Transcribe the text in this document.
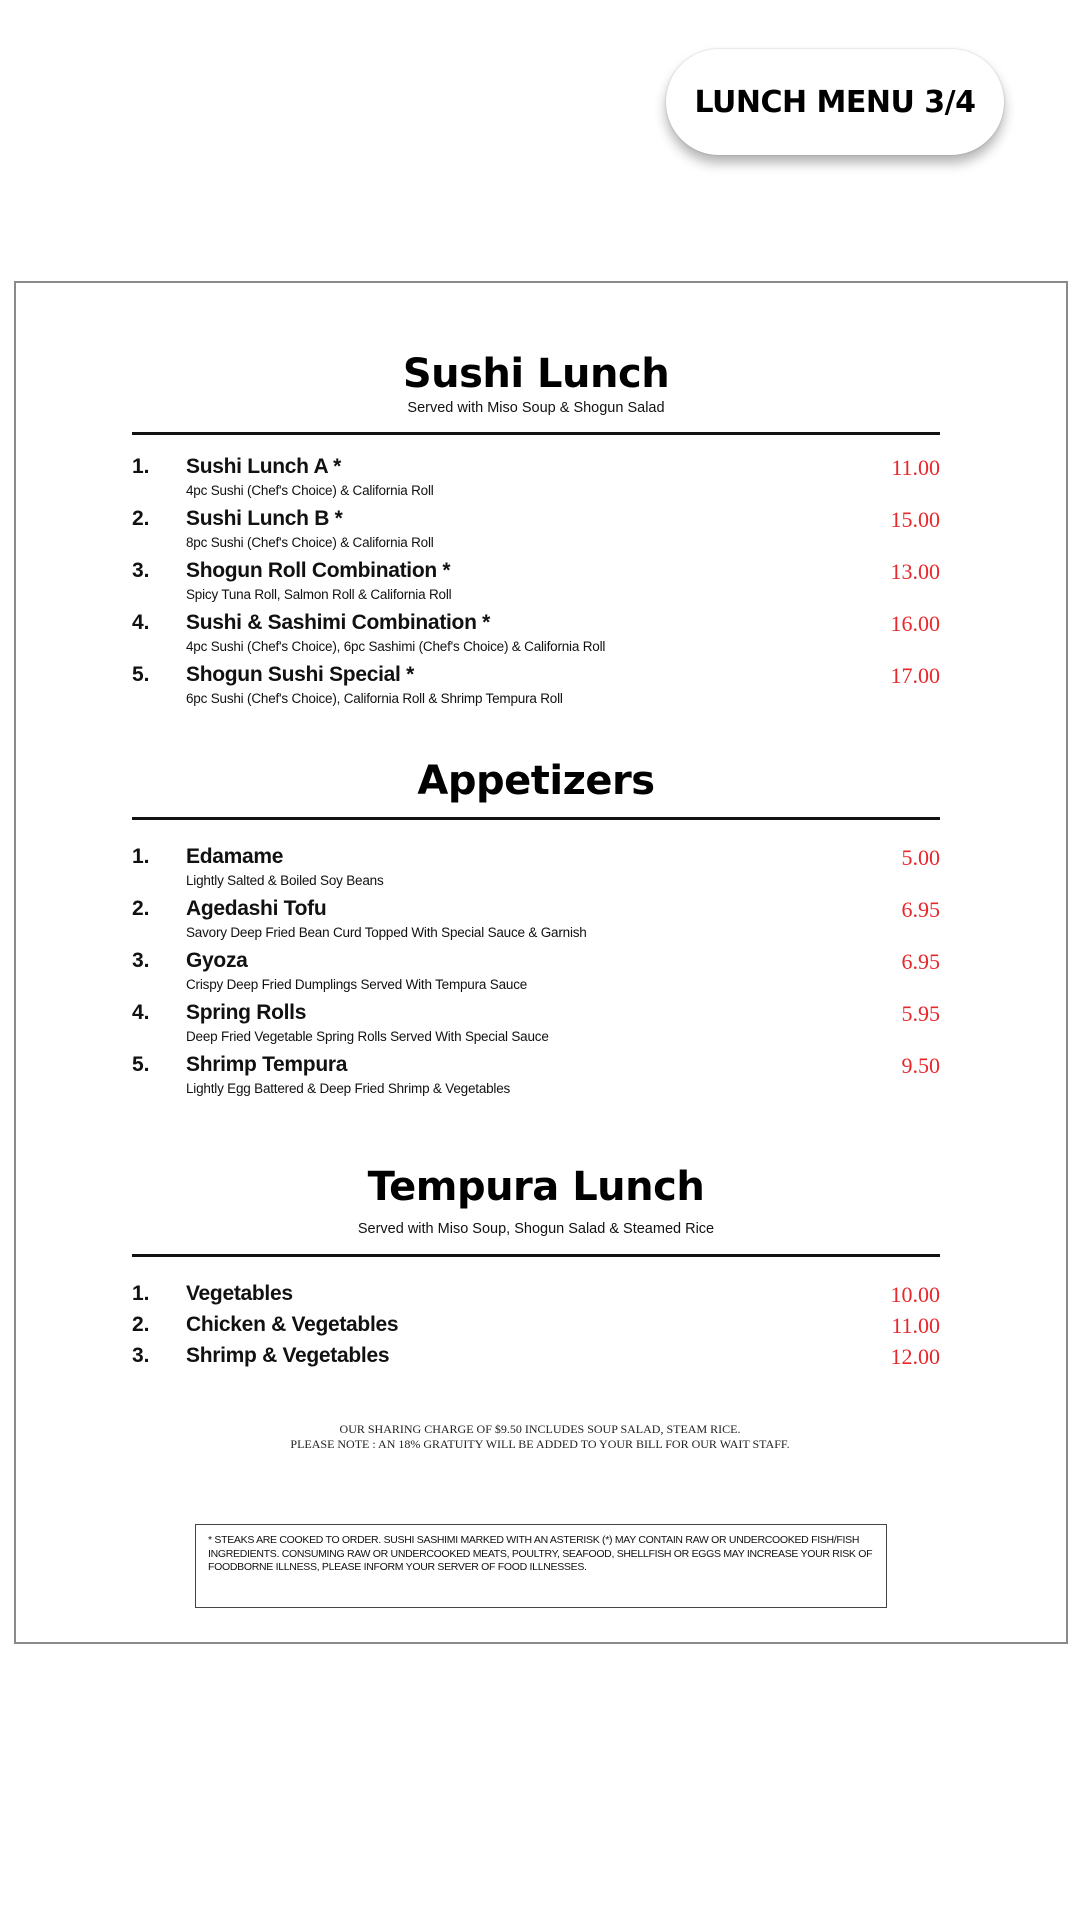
LUNCH MENU 3/4
Sushi Lunch
Served with Miso Soup & Shogun Salad
1. Sushi Lunch A *
4pc Sushi (Chef's Choice) & California Roll
11.00
2. Sushi Lunch B *
8pc Sushi (Chef's Choice) & California Roll
15.00
3. Shogun Roll Combination *
Spicy Tuna Roll, Salmon Roll & California Roll
13.00
4. Sushi & Sashimi Combination *
4pc Sushi (Chef's Choice), 6pc Sashimi (Chef's Choice) & California Roll
16.00
5. Shogun Sushi Special *
6pc Sushi (Chef's Choice), California Roll & Shrimp Tempura Roll
17.00
Appetizers
1. Edamame
Lightly Salted & Boiled Soy Beans
5.00
2. Agedashi Tofu
Savory Deep Fried Bean Curd Topped With Special Sauce & Garnish
6.95
3. Gyoza
Crispy Deep Fried Dumplings Served With Tempura Sauce
6.95
4. Spring Rolls
Deep Fried Vegetable Spring Rolls Served With Special Sauce
5.95
5. Shrimp Tempura
Lightly Egg Battered & Deep Fried Shrimp & Vegetables
9.50
Tempura Lunch
Served with Miso Soup, Shogun Salad & Steamed Rice
1. Vegetables	10.00
2. Chicken & Vegetables	11.00
3. Shrimp & Vegetables	12.00
OUR SHARING CHARGE OF $9.50 INCLUDES SOUP SALAD, STEAM RICE.
PLEASE NOTE : AN 18% GRATUITY WILL BE ADDED TO YOUR BILL FOR OUR WAIT STAFF.
* STEAKS ARE COOKED TO ORDER. SUSHI SASHIMI MARKED WITH AN ASTERISK (*) MAY CONTAIN RAW OR UNDERCOOKED FISH/FISH INGREDIENTS. CONSUMING RAW OR UNDERCOOKED MEATS, POULTRY, SEAFOOD, SHELLFISH OR EGGS MAY INCREASE YOUR RISK OF FOODBORNE ILLNESS, PLEASE INFORM YOUR SERVER OF FOOD ILLNESSES.
